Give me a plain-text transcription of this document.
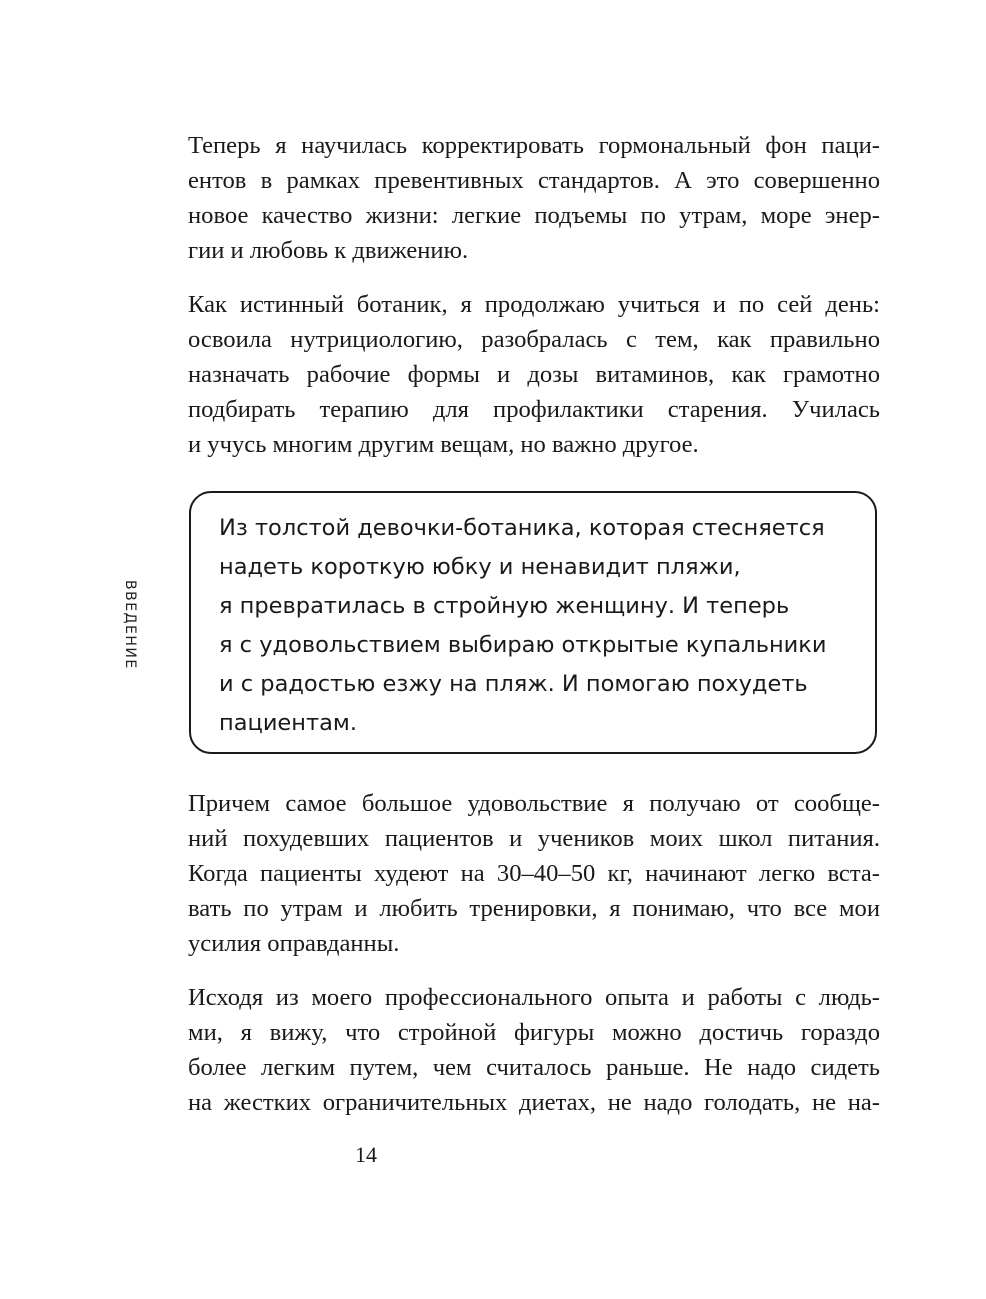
ВВЕДЕНИЕ
Теперь я научилась корректировать гормональный фон паци-
ентов в рамках превентивных стандартов. А это совершенно
новое качество жизни: легкие подъемы по утрам, море энер-
гии и любовь к движению.
Как истинный ботаник, я продолжаю учиться и по сей день:
освоила нутрициологию, разобралась с тем, как правильно
назначать рабочие формы и дозы витаминов, как грамотно
подбирать терапию для профилактики старения. Училась
и учусь многим другим вещам, но важно другое.
Из толстой девочки-ботаника, которая стесняется
надеть короткую юбку и ненавидит пляжи,
я превратилась в стройную женщину. И теперь
я с удовольствием выбираю открытые купальники
и с радостью езжу на пляж. И помогаю похудеть
пациентам.
Причем самое большое удовольствие я получаю от сообще-
ний похудевших пациентов и учеников моих школ питания.
Когда пациенты худеют на 30–40–50 кг, начинают легко вста-
вать по утрам и любить тренировки, я понимаю, что все мои
усилия оправданны.
Исходя из моего профессионального опыта и работы с людь-
ми, я вижу, что стройной фигуры можно достичь гораздо
более легким путем, чем считалось раньше. Не надо сидеть
на жестких ограничительных диетах, не надо голодать, не на-
14
